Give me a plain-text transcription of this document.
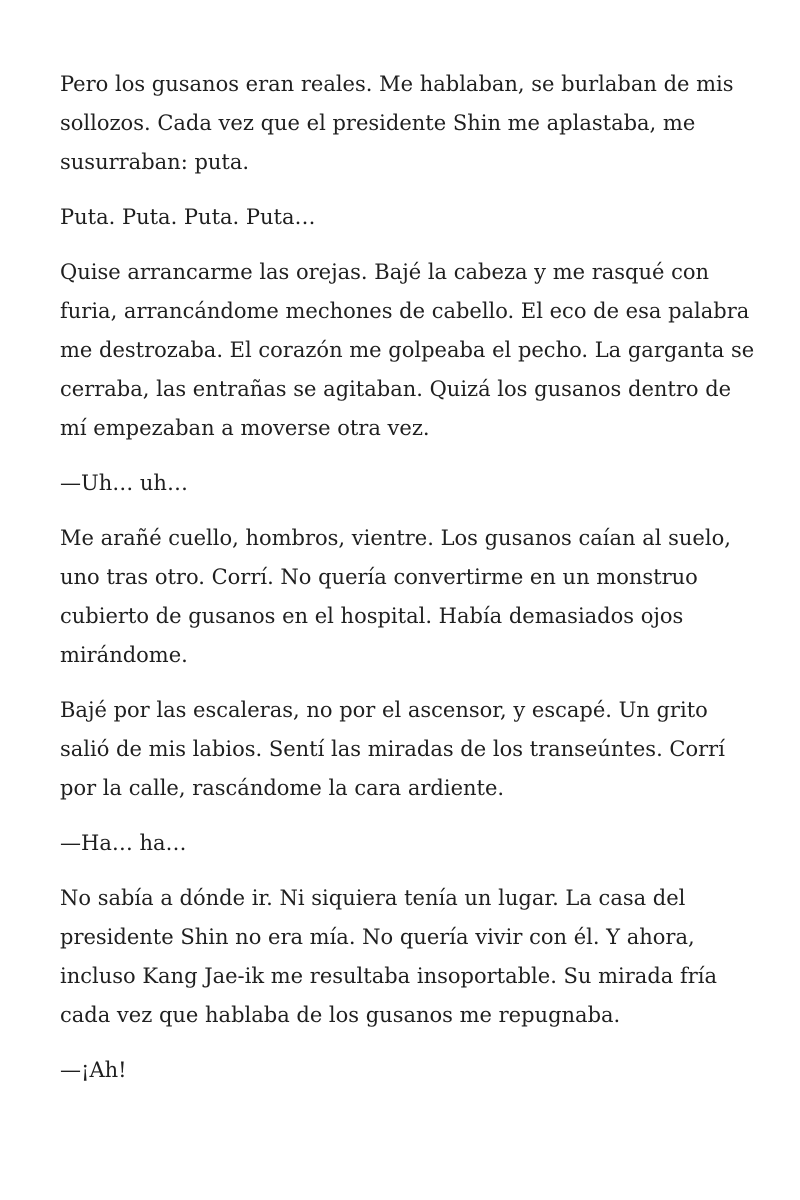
Pero los gusanos eran reales. Me hablaban, se burlaban de mis sollozos. Cada vez que el presidente Shin me aplastaba, me susurraban: puta.

Puta. Puta. Puta. Puta…

Quise arrancarme las orejas. Bajé la cabeza y me rasqué con furia, arrancándome mechones de cabello. El eco de esa palabra me destrozaba. El corazón me golpeaba el pecho. La garganta se cerraba, las entrañas se agitaban. Quizá los gusanos dentro de mí empezaban a moverse otra vez.

—Uh… uh…

Me arañé cuello, hombros, vientre. Los gusanos caían al suelo, uno tras otro. Corrí. No quería convertirme en un monstruo cubierto de gusanos en el hospital. Había demasiados ojos mirándome.

Bajé por las escaleras, no por el ascensor, y escapé. Un grito salió de mis labios. Sentí las miradas de los transeúntes. Corrí por la calle, rascándome la cara ardiente.

—Ha… ha…

No sabía a dónde ir. Ni siquiera tenía un lugar. La casa del presidente Shin no era mía. No quería vivir con él. Y ahora, incluso Kang Jae-ik me resultaba insoportable. Su mirada fría cada vez que hablaba de los gusanos me repugnaba.

—¡Ah!
